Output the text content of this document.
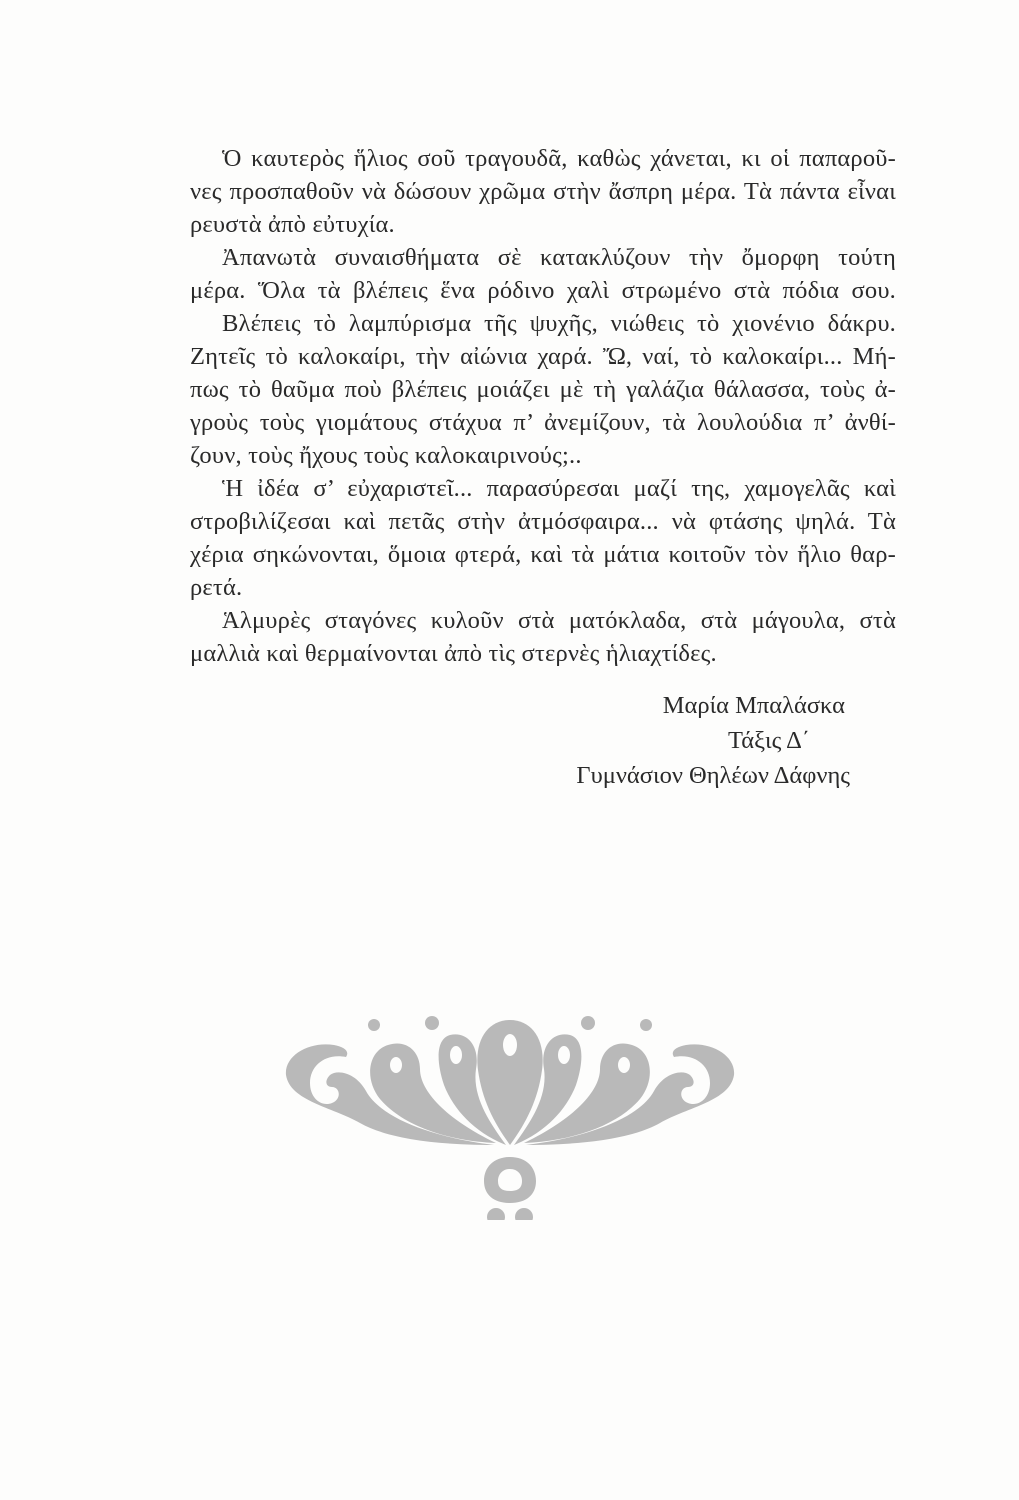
Ὁ καυτερὸς ἥλιος σοῦ τραγουδᾶ, καθὼς χάνεται, κι οἱ παπαροῦ-
νες προσπαθοῦν νὰ δώσουν χρῶμα στὴν ἄσπρη μέρα. Τὰ πάντα εἶναι
ρευστὰ ἀπὸ εὐτυχία.
Ἀπανωτὰ συναισθήματα σὲ κατακλύζουν τὴν ὄμορφη τούτη
μέρα. Ὅλα τὰ βλέπεις ἕνα ρόδινο χαλὶ στρωμένο στὰ πόδια σου.
Βλέπεις τὸ λαμπύρισμα τῆς ψυχῆς, νιώθεις τὸ χιονένιο δάκρυ.
Ζητεῖς τὸ καλοκαίρι, τὴν αἰώνια χαρά. Ὤ, ναί, τὸ καλοκαίρι... Μή-
πως τὸ θαῦμα ποὺ βλέπεις μοιάζει μὲ τὴ γαλάζια θάλασσα, τοὺς ἀ-
γροὺς τοὺς γιομάτους στάχυα π’ ἀνεμίζουν, τὰ λουλούδια π’ ἀνθί-
ζουν, τοὺς ἤχους τοὺς καλοκαιρινούς;..
Ἡ ἰδέα σ’ εὐχαριστεῖ... παρασύρεσαι μαζί της, χαμογελᾶς καὶ
στροβιλίζεσαι καὶ πετᾶς στὴν ἀτμόσφαιρα... νὰ φτάσης ψηλά. Τὰ
χέρια σηκώνονται, ὅμοια φτερά, καὶ τὰ μάτια κοιτοῦν τὸν ἥλιο θαρ-
ρετά.
Ἁλμυρὲς σταγόνες κυλοῦν στὰ ματόκλαδα, στὰ μάγουλα, στὰ
μαλλιὰ καὶ θερμαίνονται ἀπὸ τὶς στερνὲς ἡλιαχτίδες.
Μαρία Μπαλάσκα
Τάξις Δ΄
Γυμνάσιον Θηλέων Δάφνης
